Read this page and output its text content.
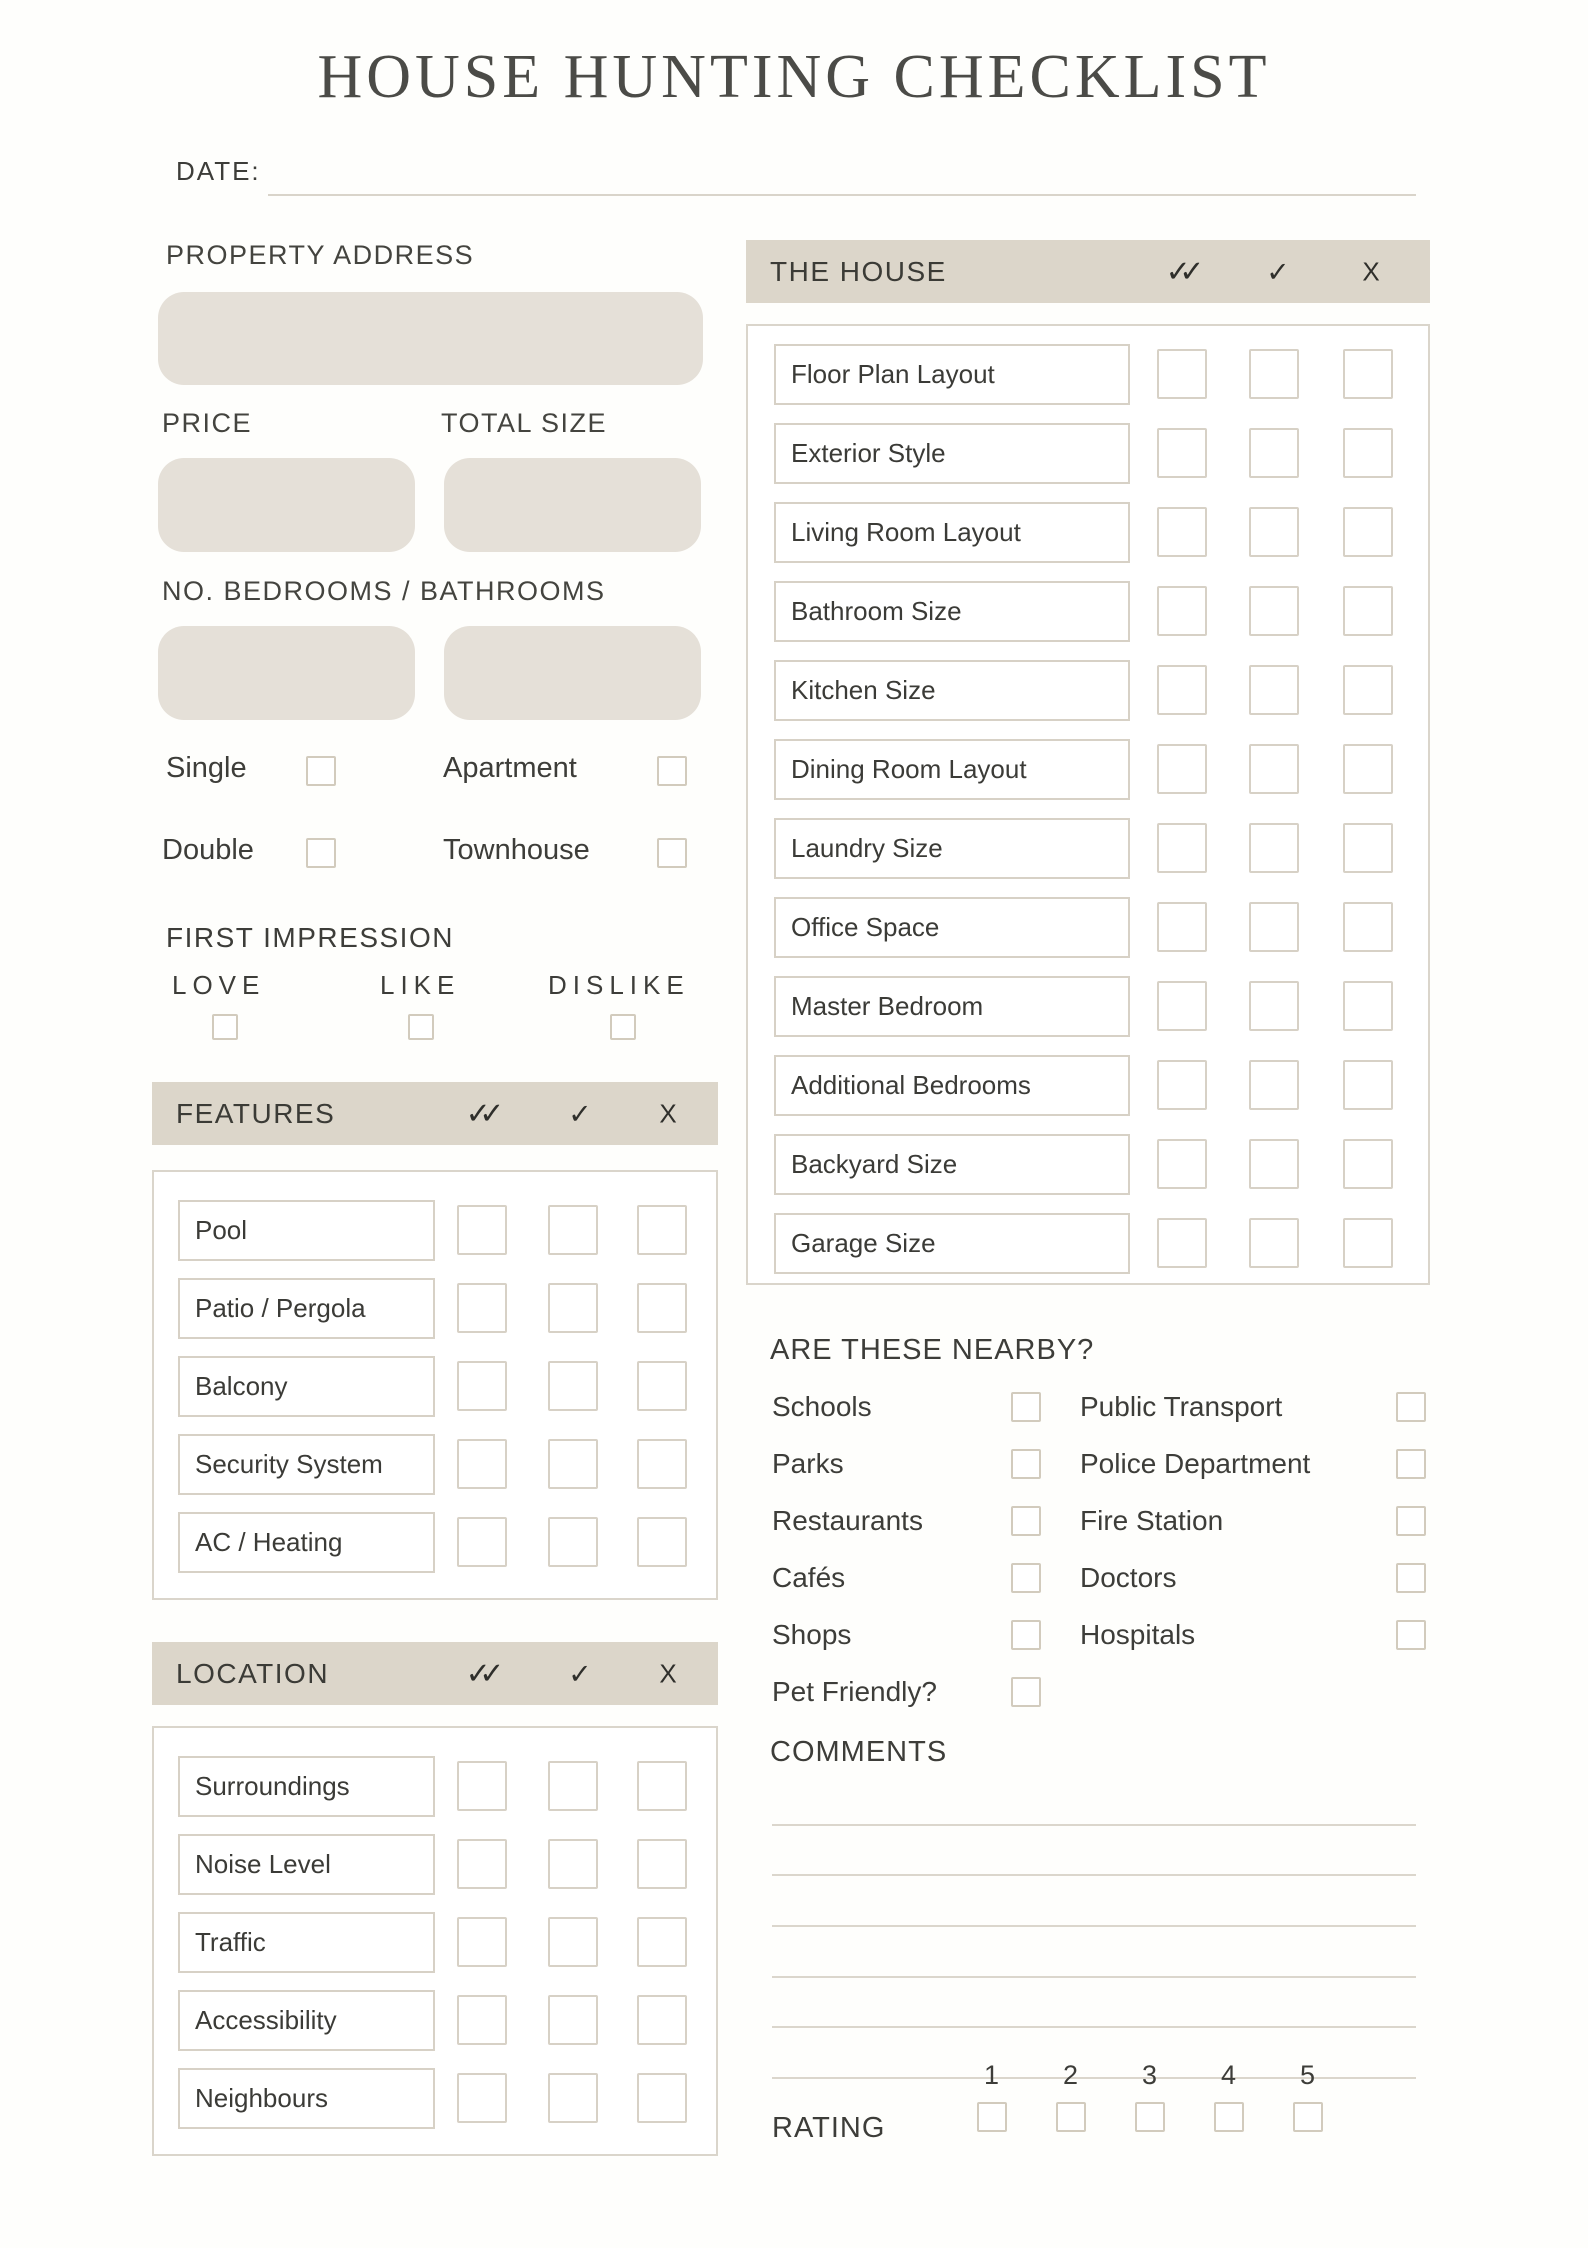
HOUSE HUNTING CHECKLIST
DATE:
PROPERTY ADDRESS
PRICE	TOTAL SIZE
NO. BEDROOMS / BATHROOMS
Single	Apartment
Double	Townhouse
FIRST IMPRESSION
LOVE	LIKE	DISLIKE
FEATURES	✓✓	✓	X
Pool
Patio / Pergola
Balcony
Security System
AC / Heating
LOCATION	✓✓	✓	X
Surroundings
Noise Level
Traffic
Accessibility
Neighbours
THE HOUSE	✓✓	✓	X
Floor Plan Layout
Exterior Style
Living Room Layout
Bathroom Size
Kitchen Size
Dining Room Layout
Laundry Size
Office Space
Master Bedroom
Additional Bedrooms
Backyard Size
Garage Size
ARE THESE NEARBY?
Schools
Parks
Restaurants
Cafés
Shops
Pet Friendly?
Public Transport
Police Department
Fire Station
Doctors
Hospitals
COMMENTS
RATING
1	2	3	4	5
